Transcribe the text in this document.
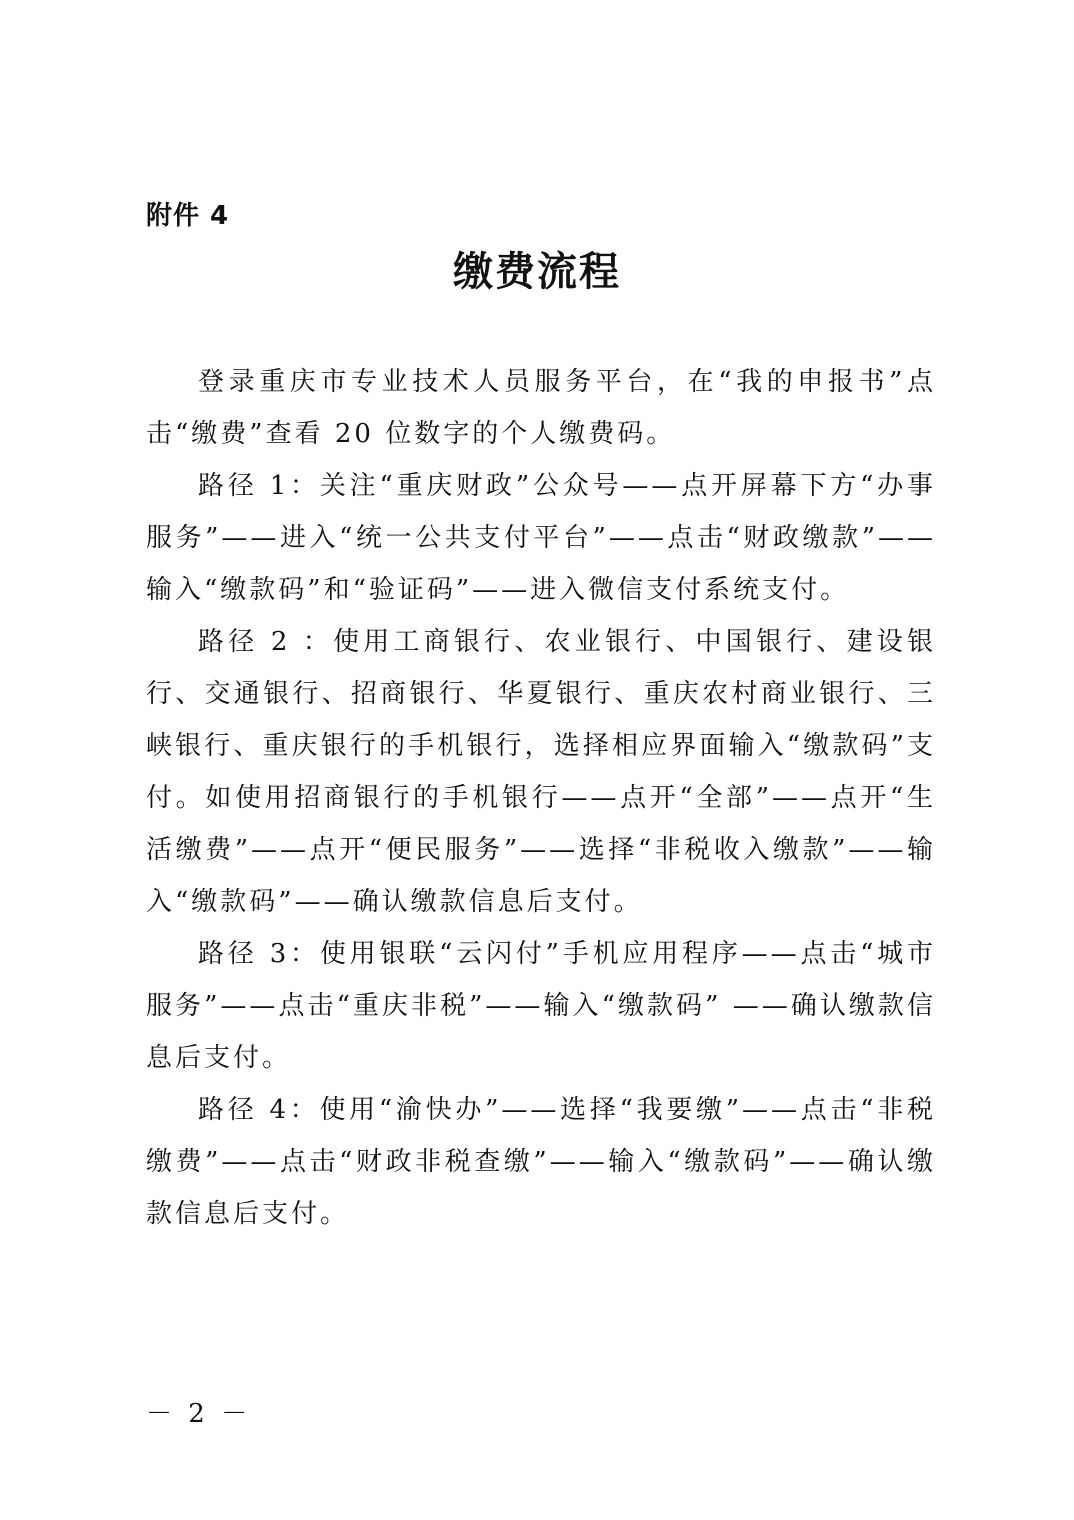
附件 4
缴费流程

登录重庆市专业技术人员服务平台，在“我的申报书”点击“缴费”查看 20 位数字的个人缴费码。

路径 1：关注“重庆财政”公众号——点开屏幕下方“办事服务”——进入“统一公共支付平台”——点击“财政缴款”——输入“缴款码”和“验证码”——进入微信支付系统支付。

路径 2 ：使用工商银行、农业银行、中国银行、建设银行、交通银行、招商银行、华夏银行、重庆农村商业银行、三峡银行、重庆银行的手机银行，选择相应界面输入“缴款码”支付。如使用招商银行的手机银行——点开“全部”——点开“生活缴费”——点开“便民服务”——选择“非税收入缴款”——输入“缴款码”——确认缴款信息后支付。

路径 3：使用银联“云闪付”手机应用程序——点击“城市服务”——点击“重庆非税”——输入“缴款码” ——确认缴款信息后支付。

路径 4：使用“渝快办”——选择“我要缴”——点击“非税缴费”——点击“财政非税查缴”——输入“缴款码”——确认缴款信息后支付。

－ 2 －
